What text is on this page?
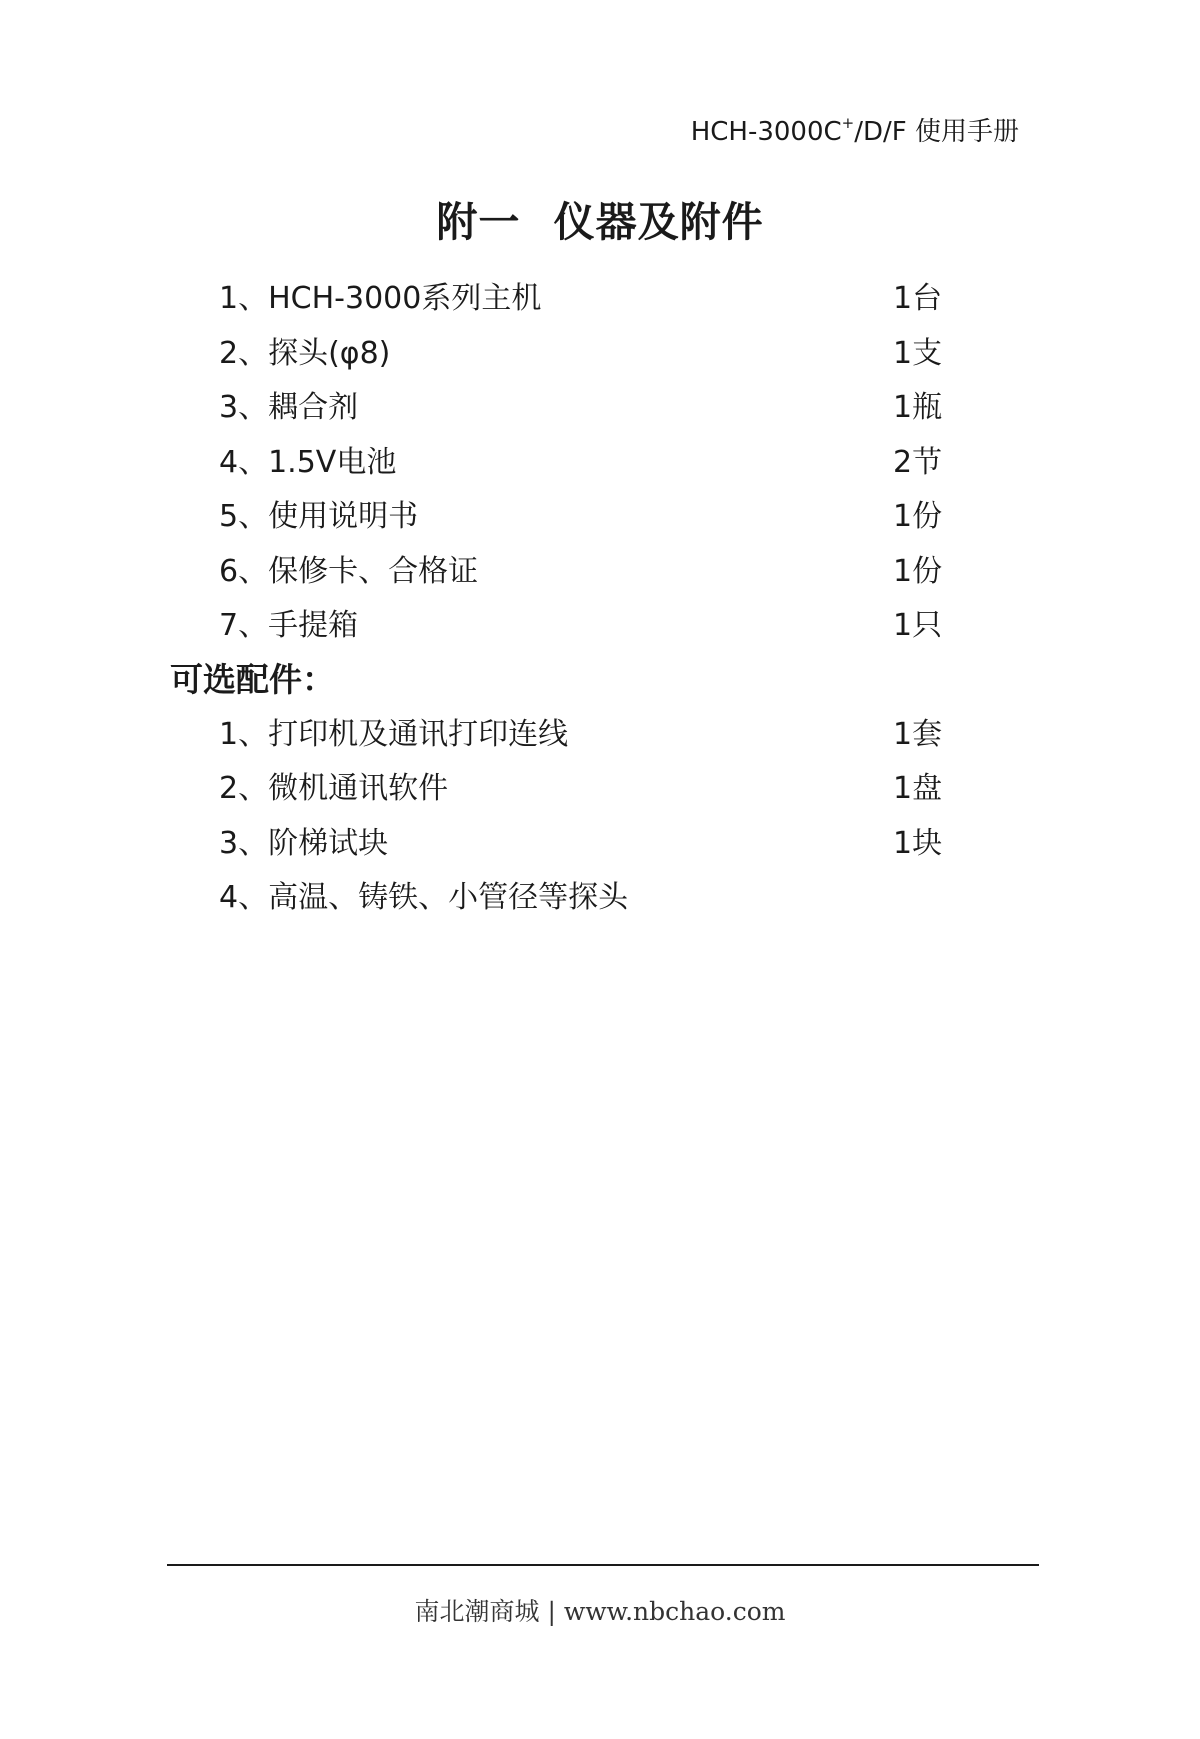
HCH-3000C+/D/F 使用手册
附一 仪器及附件
1、HCH-3000系列主机	1台
2、探头(φ8)	1支
3、耦合剂	1瓶
4、1.5V电池	2节
5、使用说明书	1份
6、保修卡、合格证	1份
7、手提箱	1只
可选配件：
1、打印机及通讯打印连线	1套
2、微机通讯软件	1盘
3、阶梯试块	1块
4、高温、铸铁、小管径等探头
南北潮商城 | www.nbchao.com
